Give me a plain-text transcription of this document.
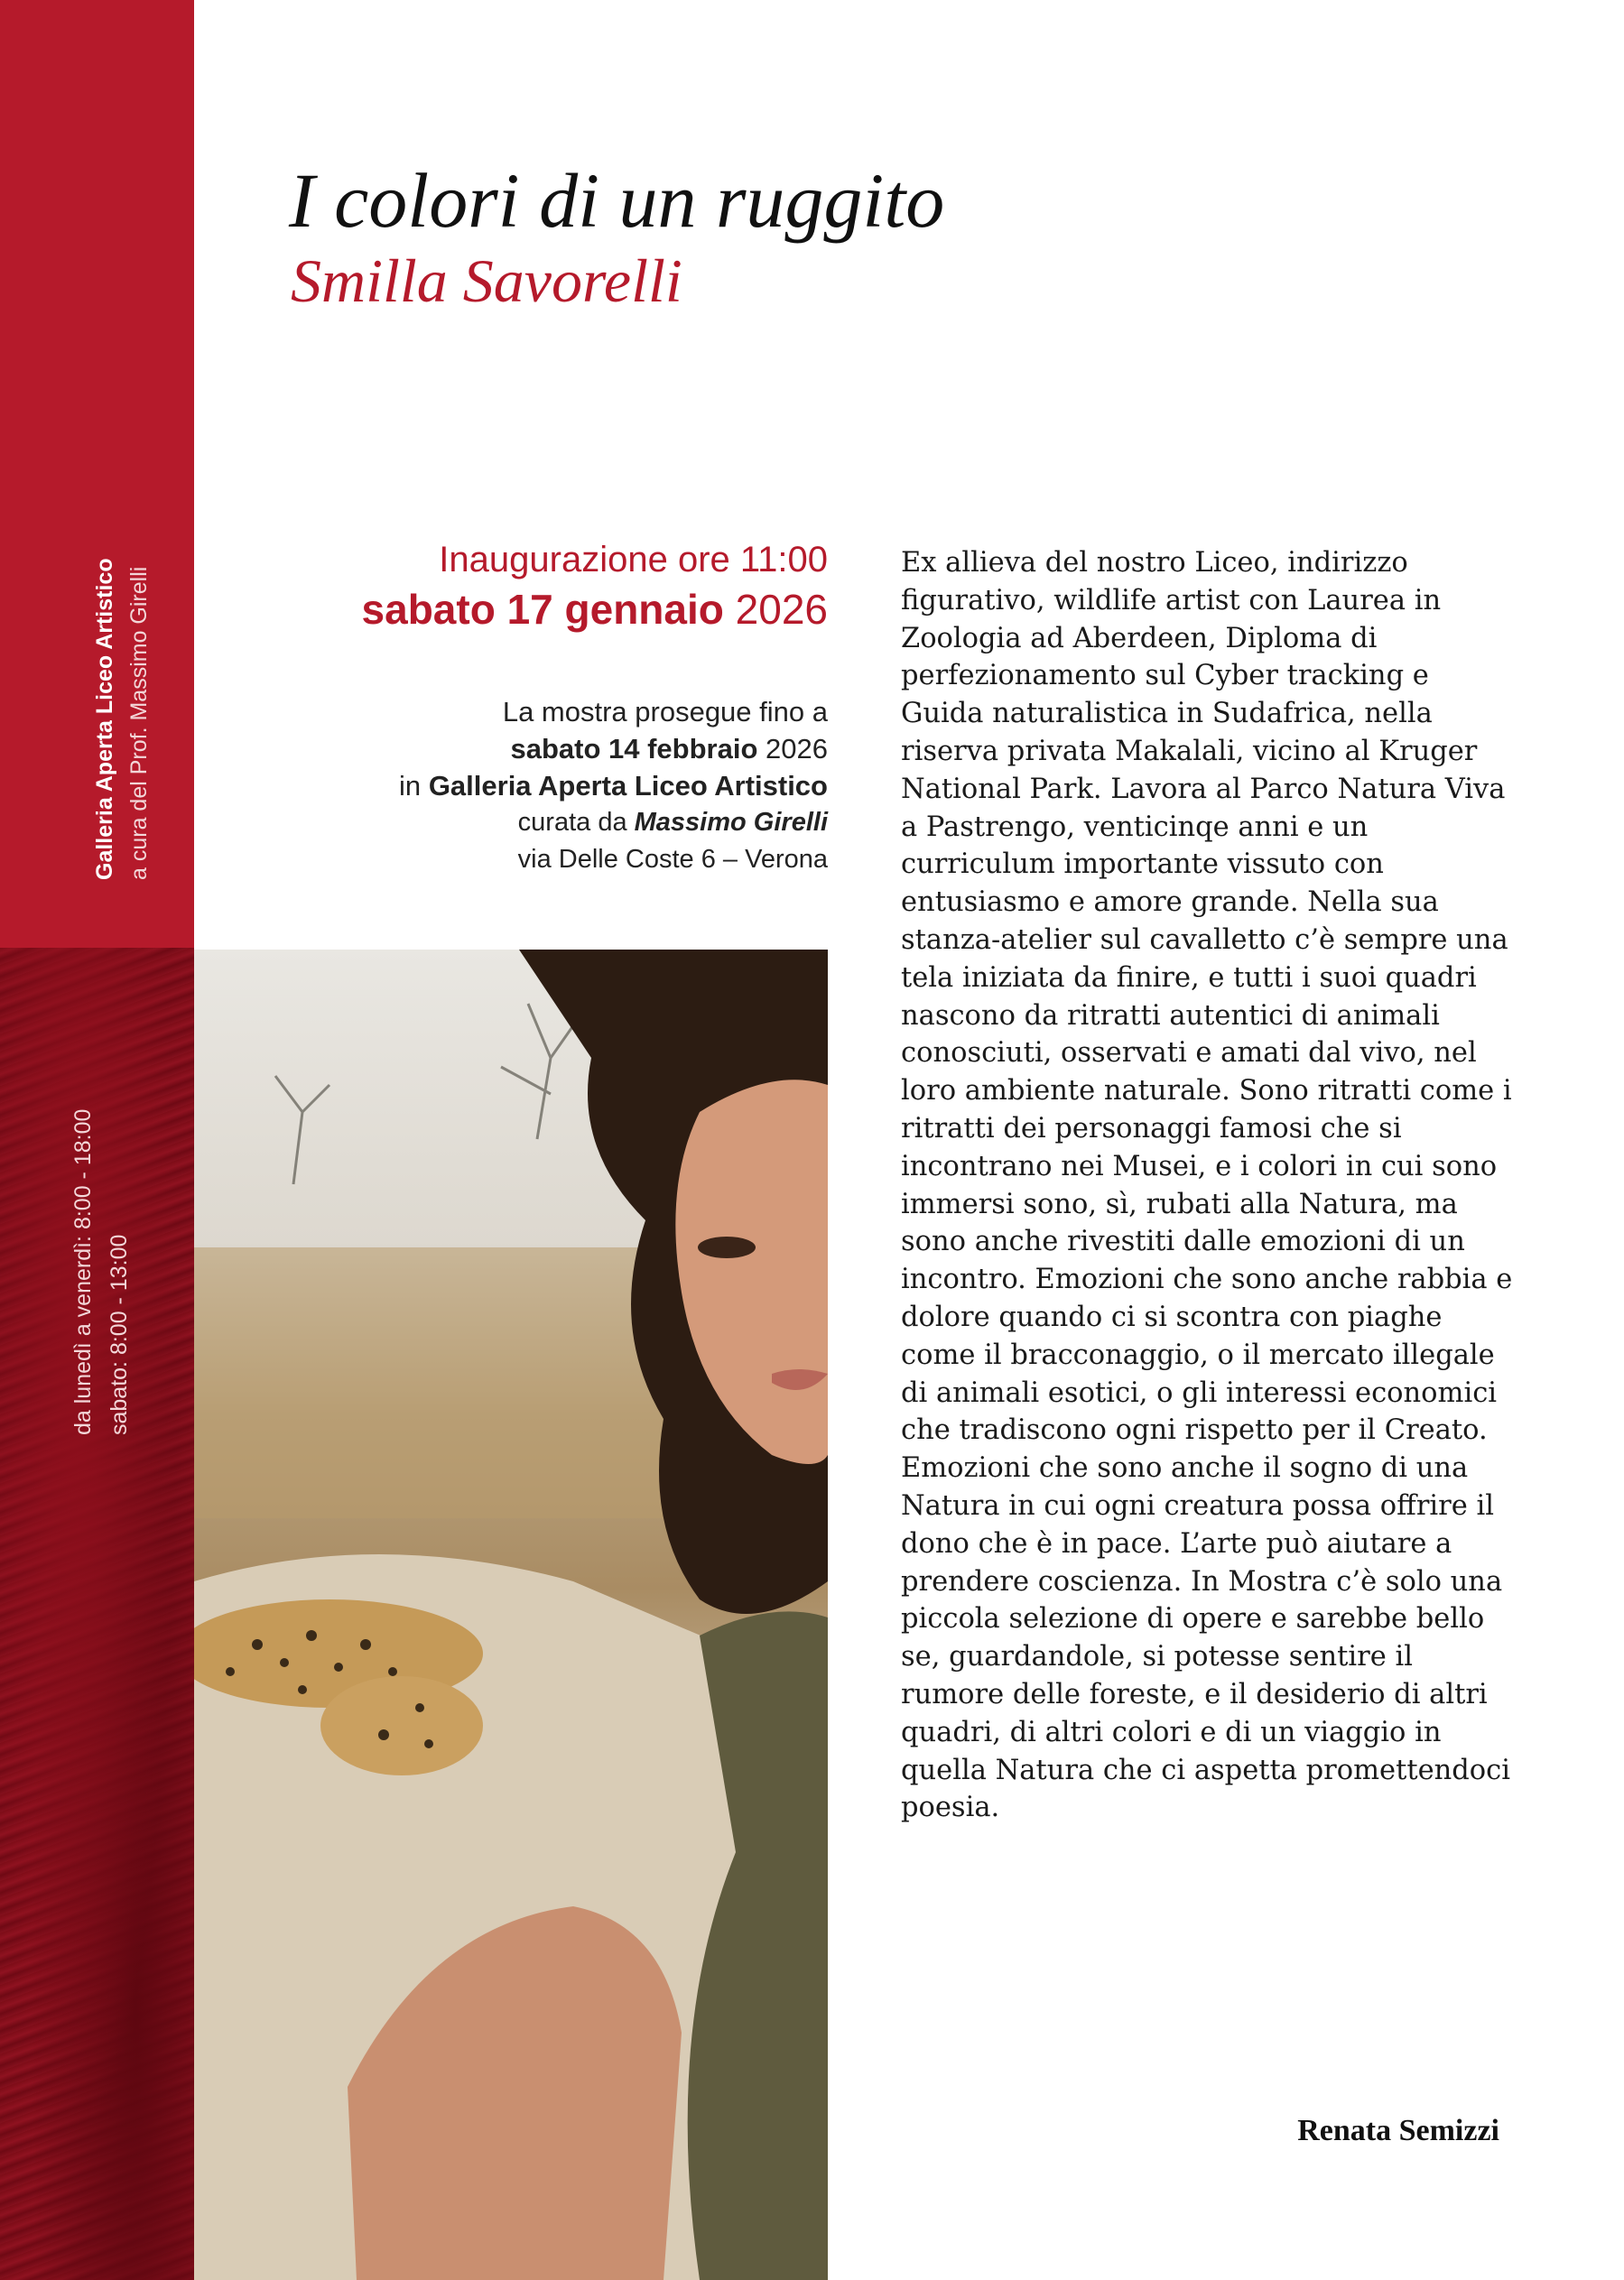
Galleria Aperta Liceo Artistico a cura del Prof. Massimo Girelli
da lunedì a venerdì: 8:00 - 18:00 sabato: 8:00 - 13:00
I colori di un ruggito
Smilla Savorelli
Inaugurazione ore 11:00
sabato 17 gennaio 2026
La mostra prosegue fino a
sabato 14 febbraio 2026
in Galleria Aperta Liceo Artistico
curata da Massimo Girelli
via Delle Coste 6 – Verona

Ex allieva del nostro Liceo, indirizzo figurativo, wildlife artist con Laurea in Zoologia ad Aberdeen, Diploma di perfezionamento sul Cyber tracking e Guida naturalistica in Sudafrica, nella riserva privata Makalali, vicino al Kruger National Park. Lavora al Parco Natura Viva a Pastrengo, venticinqe anni e un curriculum importante vissuto con entusiasmo e amore grande. Nella sua stanza-atelier sul cavalletto c’è sempre una tela iniziata da finire, e tutti i suoi quadri nascono da ritratti autentici di animali conosciuti, osservati e amati dal vivo, nel loro ambiente naturale. Sono ritratti come i ritratti dei personaggi famosi che si incontrano nei Musei, e i colori in cui sono immersi sono, sì, rubati alla Natura, ma sono anche rivestiti dalle emozioni di un incontro. Emozioni che sono anche rabbia e dolore quando ci si scontra con piaghe come il bracconaggio, o il mercato illegale di animali esotici, o gli interessi economici che tradiscono ogni rispetto per il Creato. Emozioni che sono anche il sogno di una Natura in cui ogni creatura possa offrire il dono che è in pace. L’arte può aiutare a prendere coscienza. In Mostra c’è solo una piccola selezione di opere e sarebbe bello se, guardandole, si potesse sentire il rumore delle foreste, e il desiderio di altri quadri, di altri colori e di un viaggio in quella Natura che ci aspetta promettendoci poesia.

Renata Semizzi
